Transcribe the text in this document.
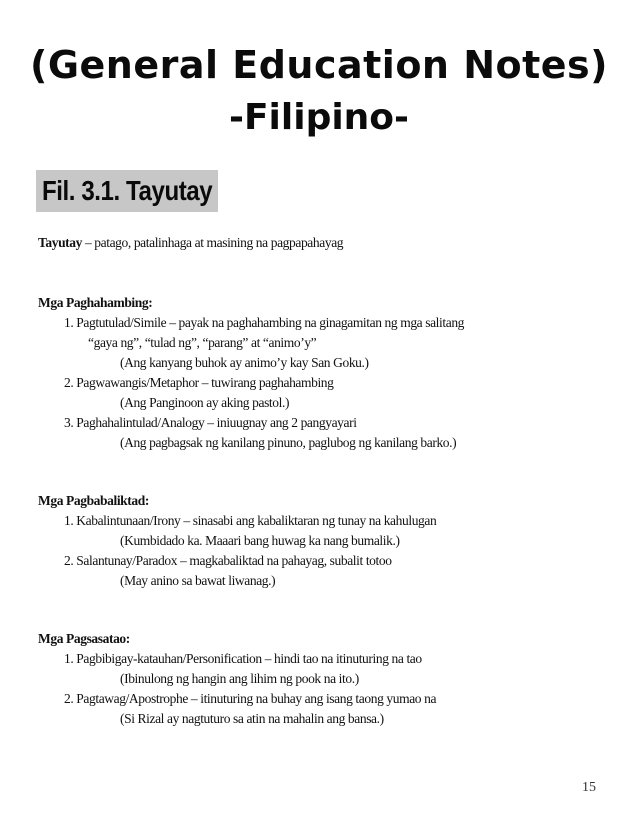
(General Education Notes)
-Filipino-
Fil. 3.1. Tayutay
Tayutay – patago, patalinhaga at masining na pagpapahayag
Mga Paghahambing:
1. Pagtutulad/Simile – payak na paghahambing na ginagamitan ng mga salitang
“gaya ng”, “tulad ng”, “parang” at “animo’y”
(Ang kanyang buhok ay animo’y kay San Goku.)
2. Pagwawangis/Metaphor – tuwirang paghahambing
(Ang Panginoon ay aking pastol.)
3. Paghahalintulad/Analogy – iniuugnay ang 2 pangyayari
(Ang pagbagsak ng kanilang pinuno, paglubog ng kanilang barko.)
Mga Pagbabaliktad:
1. Kabalintunaan/Irony – sinasabi ang kabaliktaran ng tunay na kahulugan
(Kumbidado ka. Maaari bang huwag ka nang bumalik.)
2. Salantunay/Paradox – magkabaliktad na pahayag, subalit totoo
(May anino sa bawat liwanag.)
Mga Pagsasatao:
1. Pagbibigay-katauhan/Personification – hindi tao na itinuturing na tao
(Ibinulong ng hangin ang lihim ng pook na ito.)
2. Pagtawag/Apostrophe – itinuturing na buhay ang isang taong yumao na
(Si Rizal ay nagtuturo sa atin na mahalin ang bansa.)
15
